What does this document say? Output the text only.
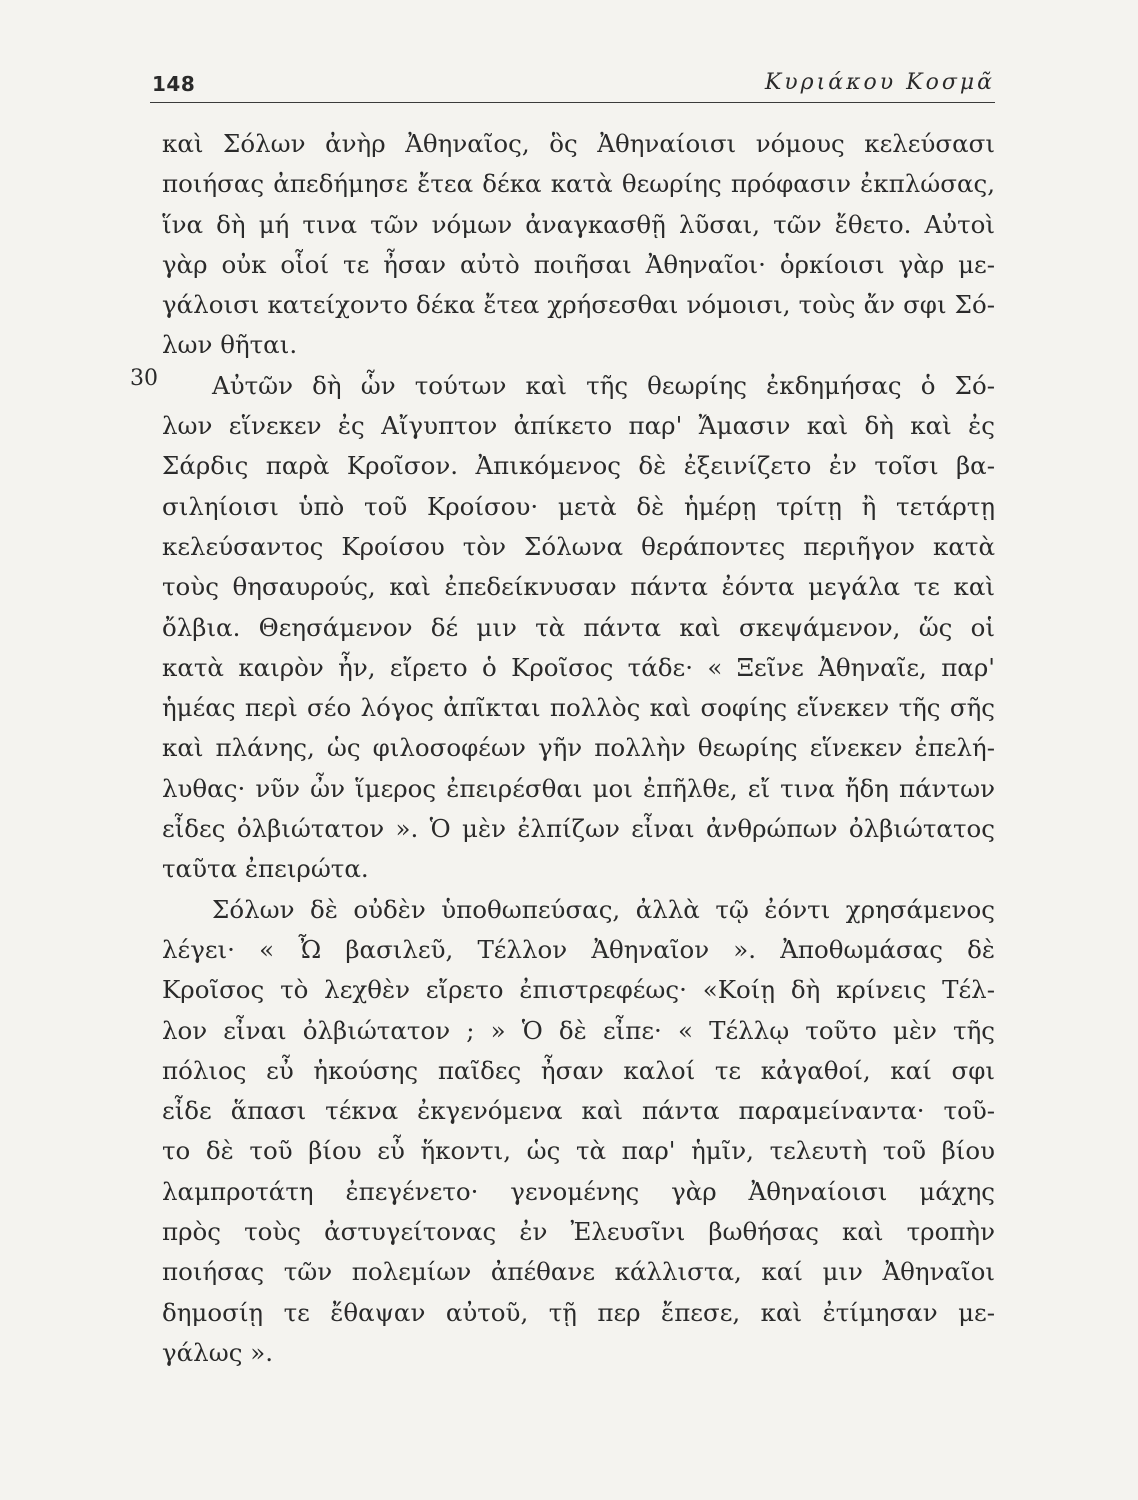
148	Κυριάκου Κοσμᾶ
καὶ Σόλων ἀνὴρ Ἀθηναῖος, ὃς Ἀθηναίοισι νόμους κελεύσασι
ποιήσας ἀπεδήμησε ἔτεα δέκα κατὰ θεωρίης πρόφασιν ἐκπλώσας,
ἵνα δὴ μή τινα τῶν νόμων ἀναγκασθῇ λῦσαι, τῶν ἔθετο. Αὐτοὶ
γὰρ οὐκ οἷοί τε ἦσαν αὐτὸ ποιῆσαι Ἀθηναῖοι· ὁρκίοισι γὰρ με-
γάλοισι κατείχοντο δέκα ἔτεα χρήσεσθαι νόμοισι, τοὺς ἄν σφι Σό-
λων θῆται.
30	Αὐτῶν δὴ ὧν τούτων καὶ τῆς θεωρίης ἐκδημήσας ὁ Σό-
λων εἵνεκεν ἐς Αἴγυπτον ἀπίκετο παρ' Ἄμασιν καὶ δὴ καὶ ἐς
Σάρδις παρὰ Κροῖσον. Ἀπικόμενος δὲ ἐξεινίζετο ἐν τοῖσι βα-
σιληίοισι ὑπὸ τοῦ Κροίσου· μετὰ δὲ ἡμέρῃ τρίτῃ ἢ τετάρτῃ
κελεύσαντος Κροίσου τὸν Σόλωνα θεράποντες περιῆγον κατὰ
τοὺς θησαυρούς, καὶ ἐπεδείκνυσαν πάντα ἐόντα μεγάλα τε καὶ
ὄλβια. Θεησάμενον δέ μιν τὰ πάντα καὶ σκεψάμενον, ὥς οἱ
κατὰ καιρὸν ἦν, εἴρετο ὁ Κροῖσος τάδε· « Ξεῖνε Ἀθηναῖε, παρ'
ἡμέας περὶ σέο λόγος ἀπῖκται πολλὸς καὶ σοφίης εἵνεκεν τῆς σῆς
καὶ πλάνης, ὡς φιλοσοφέων γῆν πολλὴν θεωρίης εἵνεκεν ἐπελή-
λυθας· νῦν ὦν ἵμερος ἐπειρέσθαι μοι ἐπῆλθε, εἴ τινα ἤδη πάντων
εἶδες ὀλβιώτατον ». Ὁ μὲν ἐλπίζων εἶναι ἀνθρώπων ὀλβιώτατος
ταῦτα ἐπειρώτα.
Σόλων δὲ οὐδὲν ὑποθωπεύσας, ἀλλὰ τῷ ἐόντι χρησάμενος
λέγει· « Ὦ βασιλεῦ, Τέλλον Ἀθηναῖον ». Ἀποθωμάσας δὲ
Κροῖσος τὸ λεχθὲν εἴρετο ἐπιστρεφέως· «Κοίῃ δὴ κρίνεις Τέλ-
λον εἶναι ὀλβιώτατον ; » Ὁ δὲ εἶπε· « Τέλλῳ τοῦτο μὲν τῆς
πόλιος εὖ ἡκούσης παῖδες ἦσαν καλοί τε κἀγαθοί, καί σφι
εἶδε ἅπασι τέκνα ἐκγενόμενα καὶ πάντα παραμείναντα· τοῦ-
το δὲ τοῦ βίου εὖ ἥκοντι, ὡς τὰ παρ' ἡμῖν, τελευτὴ τοῦ βίου
λαμπροτάτη ἐπεγένετο· γενομένης γὰρ Ἀθηναίοισι μάχης
πρὸς τοὺς ἀστυγείτονας ἐν Ἐλευσῖνι βωθήσας καὶ τροπὴν
ποιήσας τῶν πολεμίων ἀπέθανε κάλλιστα, καί μιν Ἀθηναῖοι
δημοσίῃ τε ἔθαψαν αὐτοῦ, τῇ περ ἔπεσε, καὶ ἐτίμησαν με-
γάλως ».
